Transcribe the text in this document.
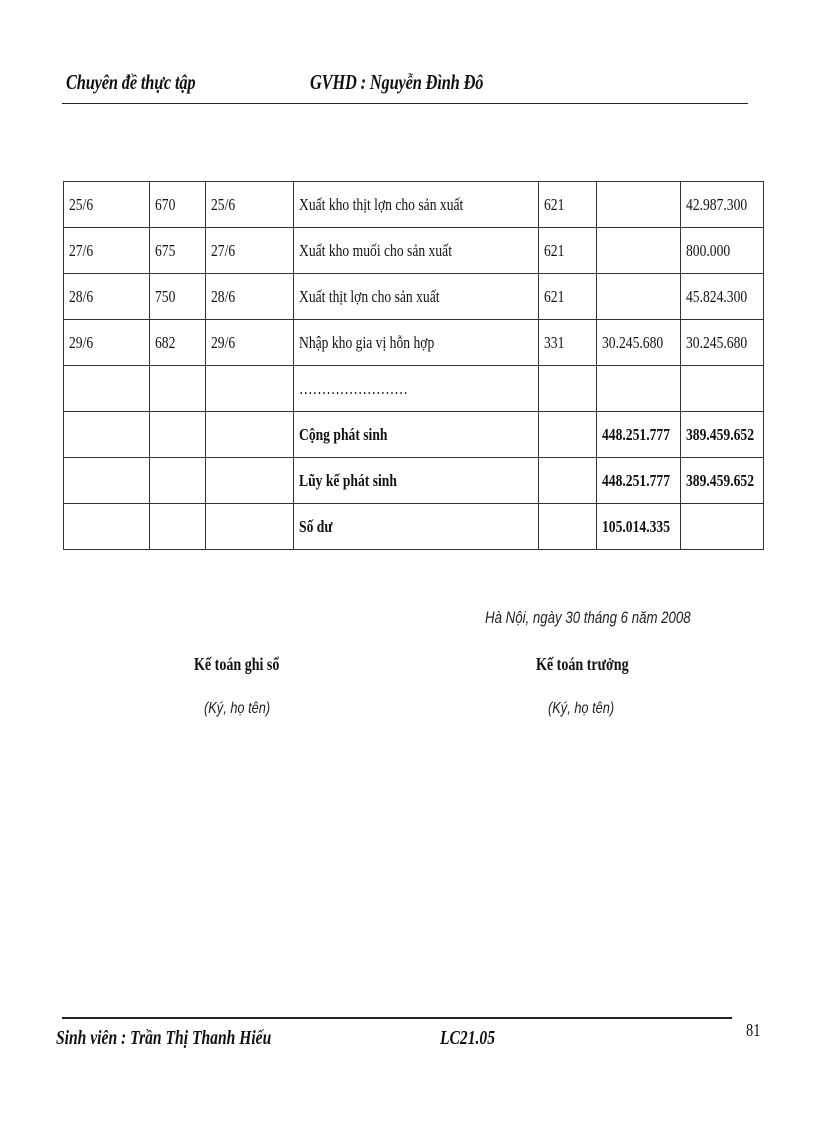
Chuyên đề thực tập	GVHD : Nguyễn Đình Đô
25/6	670	25/6	Xuất kho thịt lợn cho sản xuất	621		42.987.300
27/6	675	27/6	Xuất kho muối cho sản xuất	621		800.000
28/6	750	28/6	Xuất thịt lợn cho sản xuất	621		45.824.300
29/6	682	29/6	Nhập kho gia vị hỗn hợp	331	30.245.680	30.245.680
			……………………			
			Cộng phát sinh		448.251.777	389.459.652
			Lũy kế phát sinh		448.251.777	389.459.652
			Số dư		105.014.335	
Hà Nội, ngày 30 tháng 6 năm 2008
Kế toán ghi sổ	Kế toán trưởng
(Ký, họ tên)	(Ký, họ tên)
Sinh viên : Trần Thị Thanh Hiếu	LC21.05	81
